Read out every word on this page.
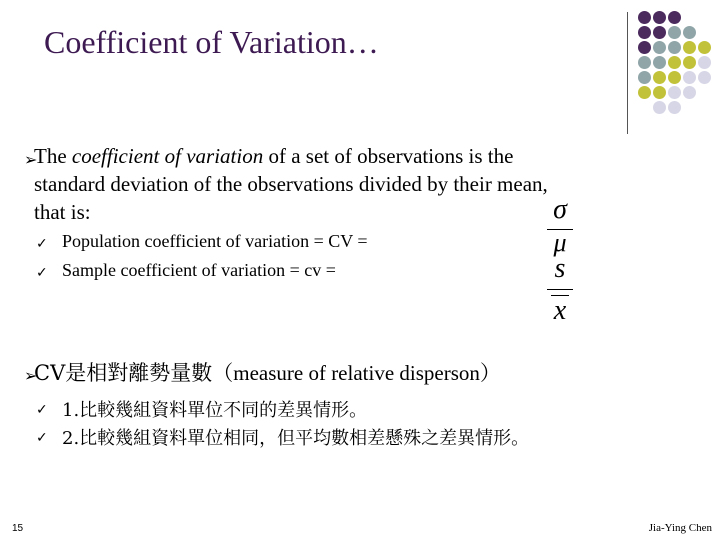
Coefficient of Variation…
➢
The coefficient of variation of a set of observations is the
standard deviation of the observations divided by their mean,
that is:
✓ Population coefficient of variation = CV =
✓ Sample coefficient of variation = cv =
σ
μ
s
x
➢
CV是相對離勢量數（measure of relative disperson）
✓ 1.比較幾組資料單位不同的差異情形。
✓ 2.比較幾組資料單位相同，但平均數相差懸殊之差異情形。
15	Jia-Ying Chen
